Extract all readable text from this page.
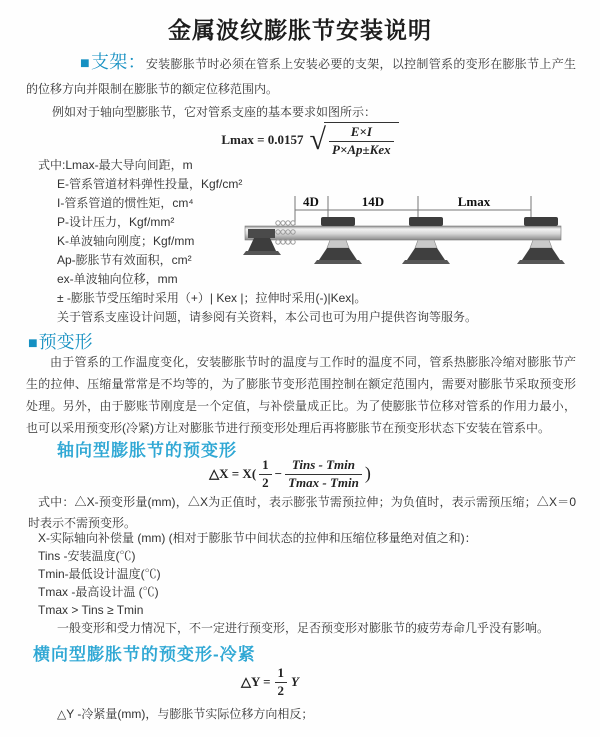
金属波纹膨胀节安装说明
■支架：安装膨胀节时必须在管系上安装必要的支架，以控制管系的变形在膨胀节上产生的位移方向并限制在膨胀节的额定位移范围内。
例如对于轴向型膨胀节，它对管系支座的基本要求如图所示：
Lmax = 0.0157 √ $\frac{E\times I}{\text{P×Ap±Kex}}$
式中:Lmax-最大导向间距，m
E-管系管道材料弹性投量，Kgf/cm²
I-管系管道的惯性矩，cm⁴
P-设计压力，Kgf/mm²
K-单波轴向刚度；Kgf/mm
Ap-膨胀节有效面积，cm²
ex-单波轴向位移，mm
± -膨胀节受压缩时采用（+）| Kex |；拉伸时采用(-)|Kex|。
关于管系支座设计问题，请参阅有关资料，本公司也可为用户提供咨询等服务。
4D	14D	Lmax
■预变形
由于管系的工作温度变化，安装膨胀节时的温度与工作时的温度不同，管系热膨胀冷缩对膨胀节产生的拉伸、压缩量常常是不均等的，为了膨胀节变形范围控制在额定范围内，需要对膨胀节采取预变形处理。另外，由于膨账节刚度是一个定值，与补偿量成正比。为了使膨胀节位移对管系的作用力最小，也可以采用预变形(冷紧)方让对膨胀节进行预变形处理后再将膨胀节在预变形状态下安装在管系中。
轴向型膨胀节的预变形
△X = $X( \frac{1}{2} - \frac{\text{Tins - Tmin}}{Tmax - Tmin}$ )
式中：△X-预变形量(mm)，△X为正值时，表示膨张节需预拉伸；为负值时，表示需预压缩；△X＝0时表示不需预变形。
X-实际轴向补偿量 (mm) (相对于膨胀节中间状态的拉伸和压缩位移量绝对值之和)：
Tins -安装温度(℃)
Tmin-最低设计温度(℃)
Tmax -最高设计温 (℃)
Tmax > Tins ≥ Tmin
一般变形和受力情况下，不一定进行预变形，足否预变形对膨胀节的疲劳寿命几乎没有影响。
横向型膨胀节的预变形-冷紧
△Y = $\frac{1}{2}$ Y
△Y -冷紧量(mm)，与膨胀节实际位移方向相反；
